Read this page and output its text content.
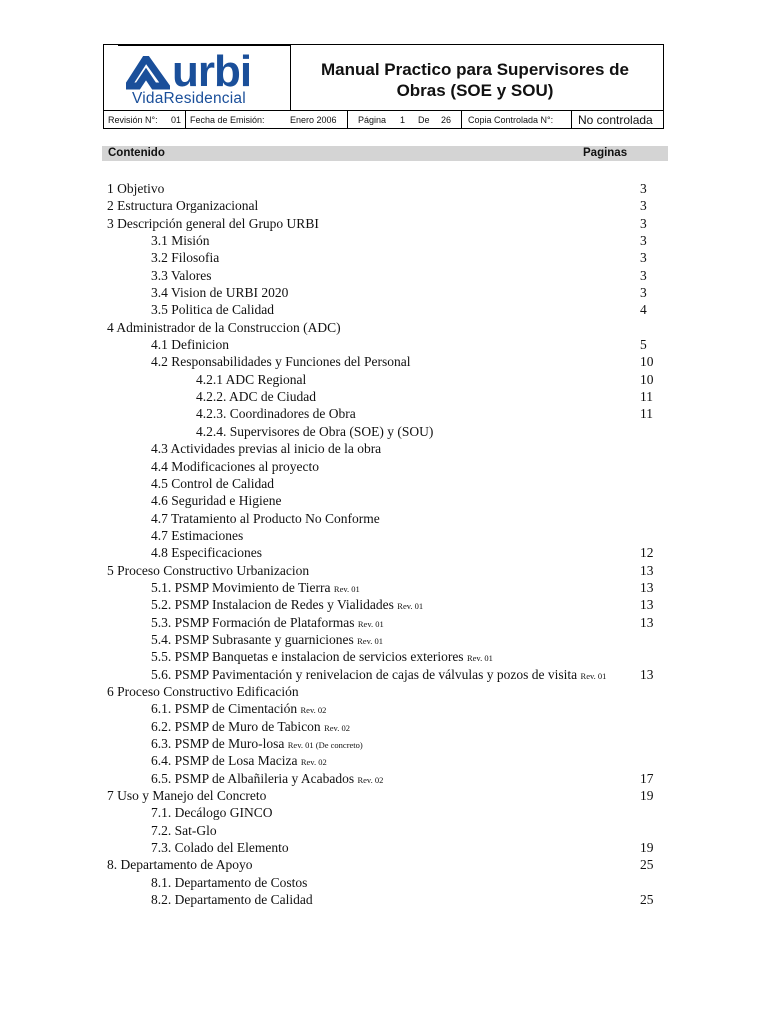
urbi
VidaResidencial
Manual Practico para Supervisores de
Obras (SOE y SOU)
Revisión N°: 01 Fecha de Emisión:	Enero 2006 Página 1 De 26 Copia Controlada N°: No controlada
Contenido	Paginas
1 Objetivo	3
2 Estructura Organizacional	3
3 Descripción general del Grupo URBI	3
3.1 Misión	3
3.2 Filosofia	3
3.3 Valores	3
3.4 Vision de URBI 2020	3
3.5 Politica de Calidad	4
4 Administrador de la Construccion (ADC)
4.1 Definicion	5
4.2 Responsabilidades y Funciones del Personal	10
4.2.1 ADC Regional	10
4.2.2. ADC de Ciudad	11
4.2.3. Coordinadores de Obra	11
4.2.4. Supervisores de Obra (SOE) y (SOU)
4.3 Actividades previas al inicio de la obra
4.4 Modificaciones al proyecto
4.5 Control de Calidad
4.6 Seguridad e Higiene
4.7 Tratamiento al Producto No Conforme
4.7 Estimaciones
4.8 Especificaciones	12
5 Proceso Constructivo Urbanizacion	13
5.1. PSMP Movimiento de Tierra Rev. 01	13
5.2. PSMP Instalacion de Redes y Vialidades Rev. 01	13
5.3. PSMP Formación de Plataformas Rev. 01	13
5.4. PSMP Subrasante y guarniciones Rev. 01
5.5. PSMP Banquetas e instalacion de servicios exteriores Rev. 01
5.6. PSMP Pavimentación y renivelacion de cajas de válvulas y pozos de visita Rev. 01 13
6 Proceso Constructivo Edificación
6.1. PSMP de Cimentación Rev. 02
6.2. PSMP de Muro de Tabicon Rev. 02
6.3. PSMP de Muro-losa Rev. 01 (De concreto)
6.4. PSMP de Losa Maciza Rev. 02
6.5. PSMP de Albañileria y Acabados Rev. 02	17
7 Uso y Manejo del Concreto	19
7.1. Decálogo GINCO
7.2. Sat-Glo
7.3. Colado del Elemento	19
8. Departamento de Apoyo	25
8.1. Departamento de Costos
8.2. Departamento de Calidad	25
